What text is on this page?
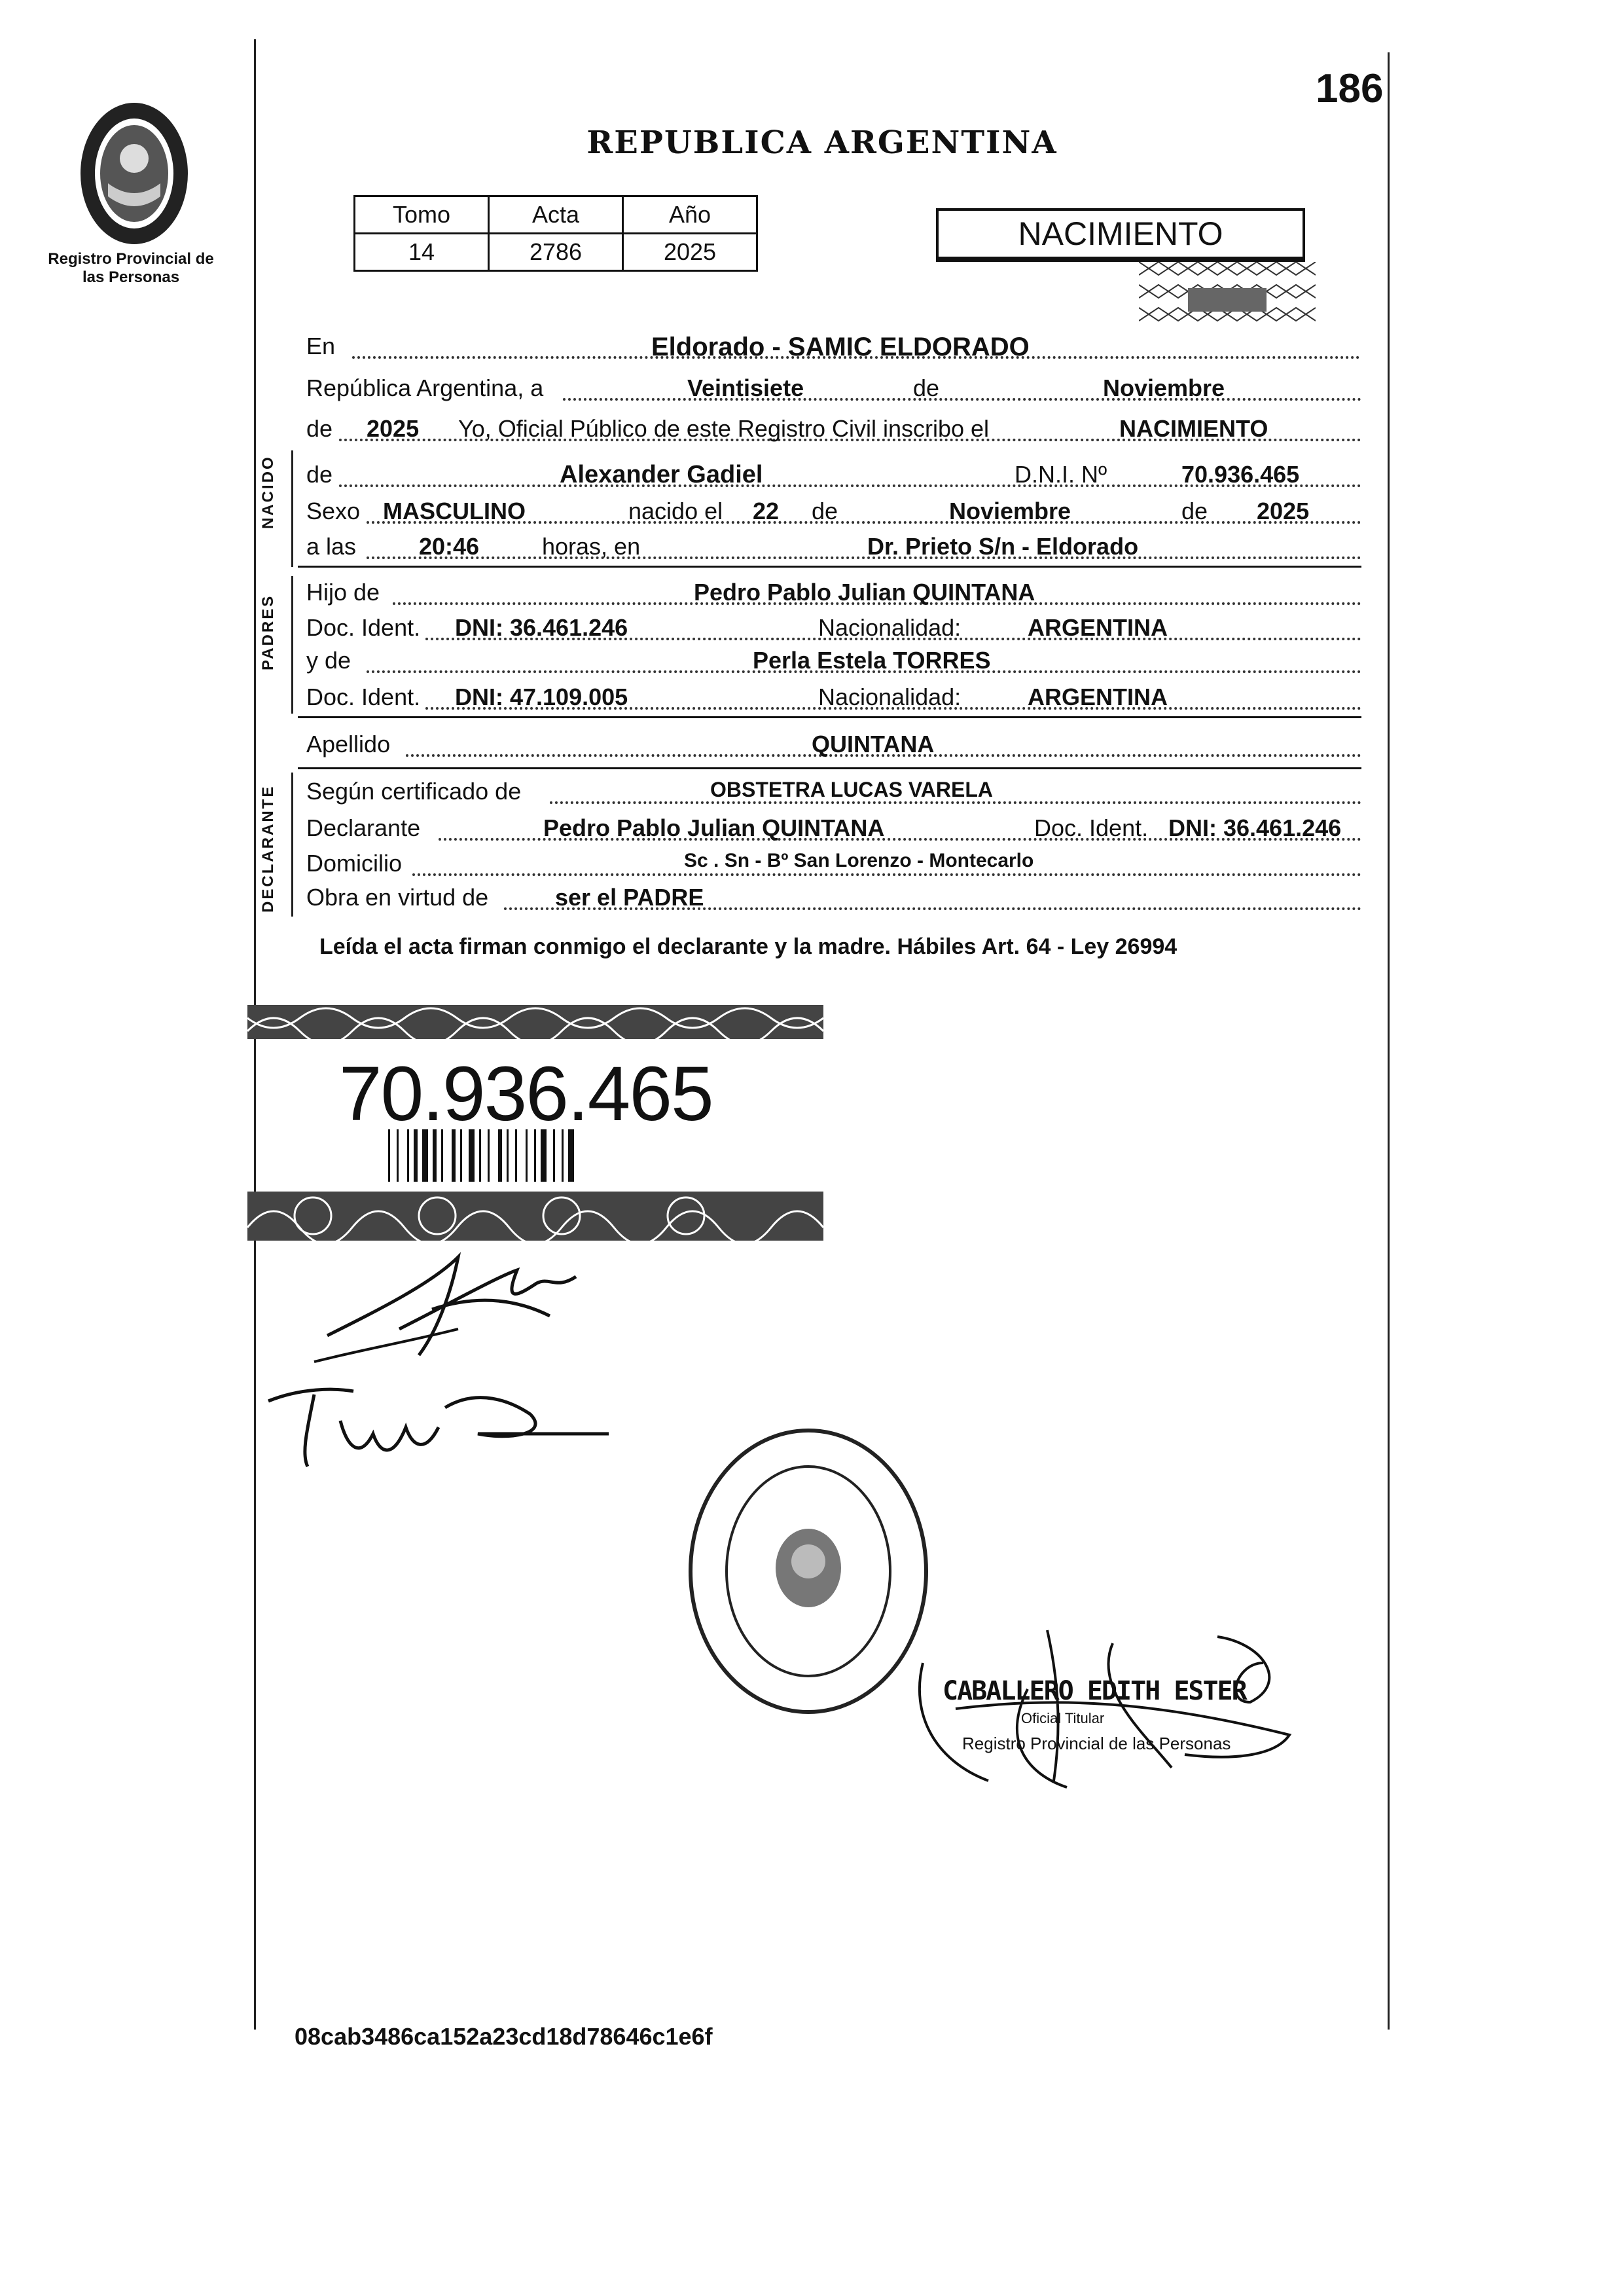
Registro Provincial de las Personas
186
REPUBLICA ARGENTINA
Tomo	Acta	Año
14	2786	2025	NACIMIENTO
En	Eldorado - SAMIC ELDORADO
República Argentina, a	Veintisiete	de	Noviembre
de 2025 Yo, Oficial Público de este Registro Civil inscribo el	NACIMIENTO
NACIDO de	Alexander Gadiel	D.N.I. Nº	70.936.465
Sexo MASCULINO	nacido el 22 de	Noviembre	de 2025
a las	20:46	horas, en	Dr. Prieto S/n - Eldorado
PADRES
Hijo de	Pedro Pablo Julian QUINTANA
Doc. Ident. DNI: 36.461.246	Nacionalidad:	ARGENTINA
y de	Perla Estela TORRES
Doc. Ident. DNI: 47.109.005	Nacionalidad:	ARGENTINA
Apellido	QUINTANA
DECLARANTE Según certificado de	OBSTETRA LUCAS VARELA
Declarante	Pedro Pablo Julian QUINTANA	Doc. Ident. DNI: 36.461.246
Domicilio	Sc . Sn - Bº San Lorenzo - Montecarlo
Obra en virtud de	ser el PADRE
Leída el acta firman conmigo el declarante y la madre. Hábiles Art. 64 - Ley 26994
70.936.465
CABALLERO EDITH ESTER
Oficial Titular
Registro Provincial de las Personas
08cab3486ca152a23cd18d78646c1e6f
